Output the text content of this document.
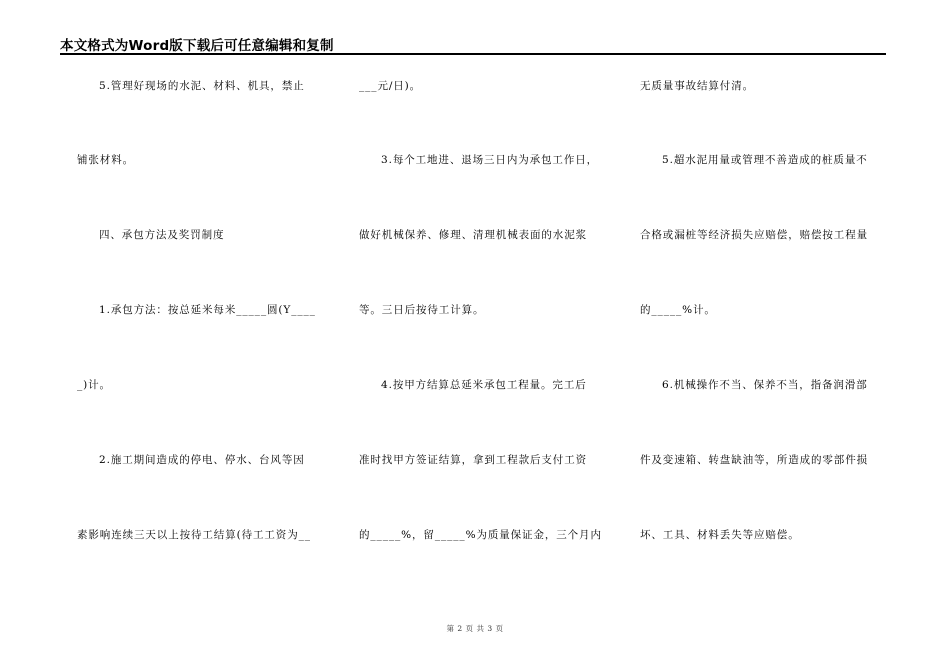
本文格式为Word版下载后可任意编辑和复制
5.管理好现场的水泥、材料、机具，禁止
铺张材料。
四、承包方法及奖罚制度
1.承包方法：按总延米每米_____圆(Y____
_)计。
2.施工期间造成的停电、停水、台风等因
素影响连续三天以上按待工结算(待工工资为__
___元/日)。
3.每个工地进、退场三日内为承包工作日，
做好机械保养、修理、清理机械表面的水泥浆
等。三日后按待工计算。
4.按甲方结算总延米承包工程量。完工后
准时找甲方签证结算，拿到工程款后支付工资
的_____%，留_____%为质量保证金，三个月内
无质量事故结算付清。
5.超水泥用量或管理不善造成的桩质量不
合格或漏桩等经济损失应赔偿，赔偿按工程量
的_____%计。
6.机械操作不当、保养不当，指备润滑部
件及变速箱、转盘缺油等，所造成的零部件损
坏、工具、材料丢失等应赔偿。
第 2 页 共 3 页
